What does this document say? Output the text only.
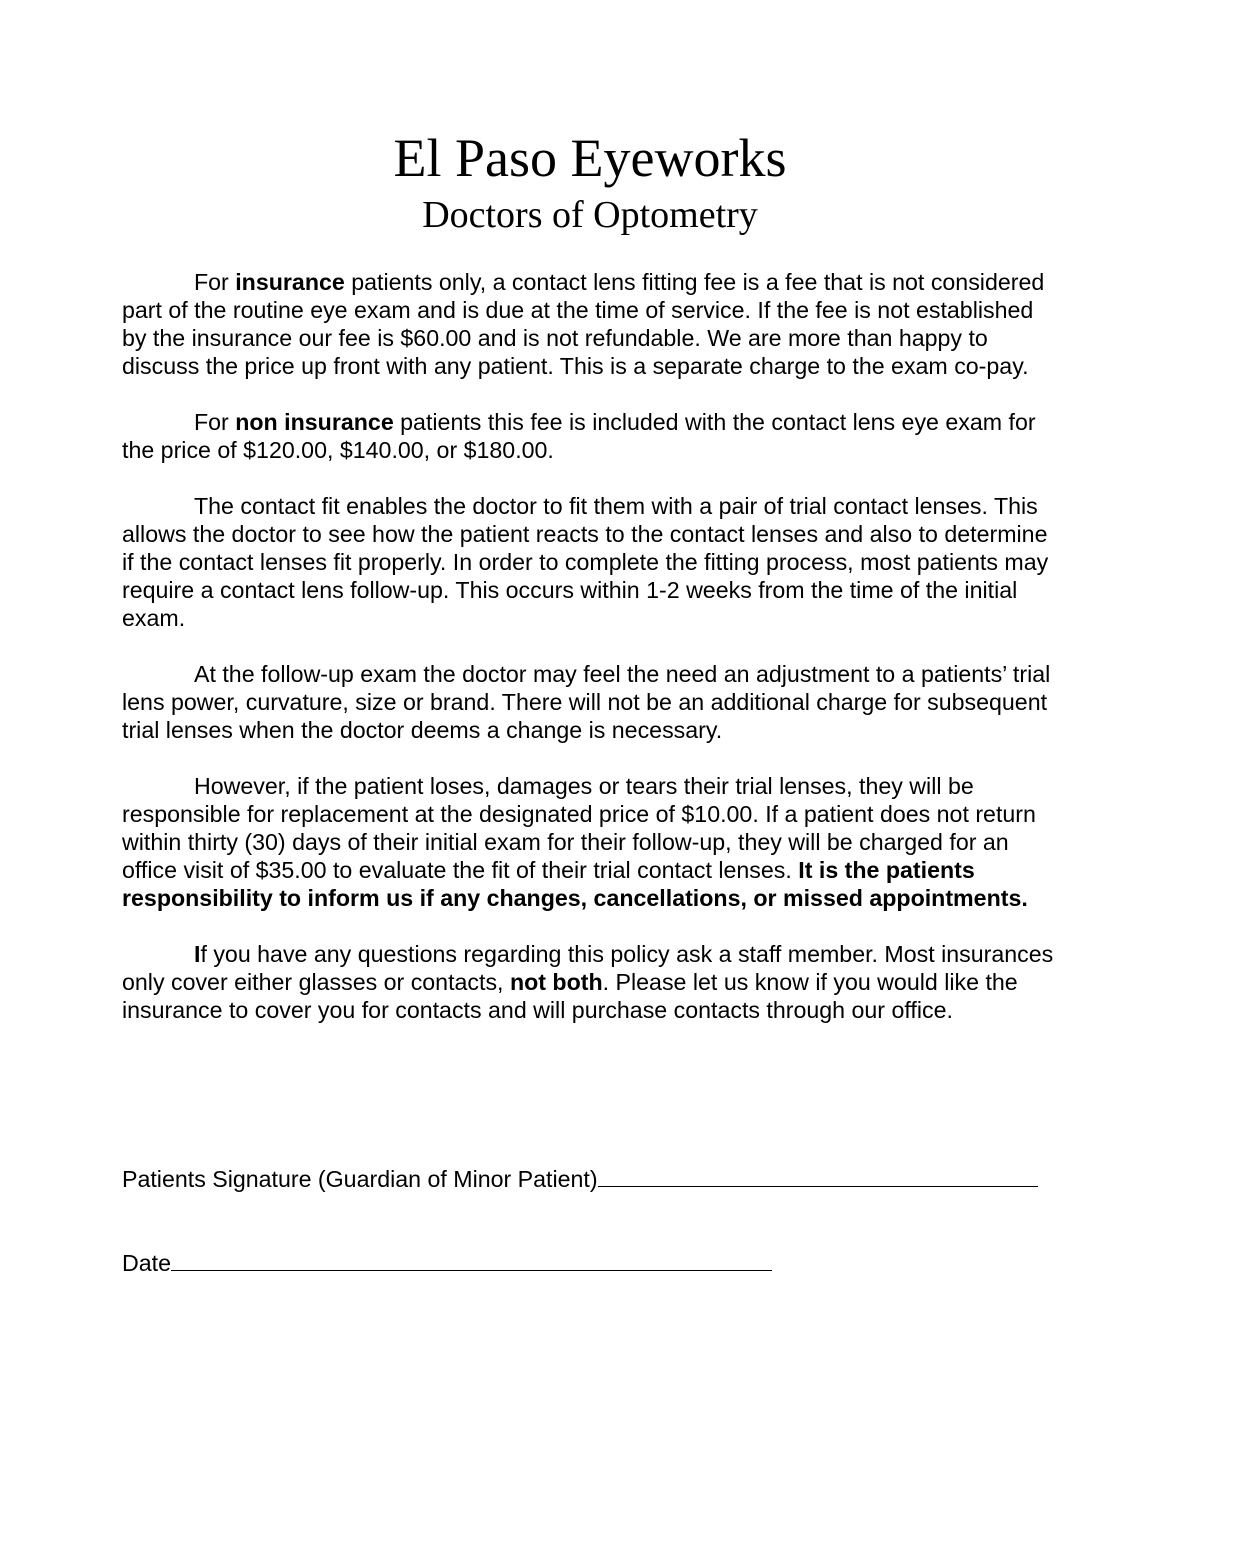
El Paso Eyeworks
Doctors of Optometry

For insurance patients only, a contact lens fitting fee is a fee that is not considered part of the routine eye exam and is due at the time of service. If the fee is not established by the insurance our fee is $60.00 and is not refundable. We are more than happy to discuss the price up front with any patient. This is a separate charge to the exam co-pay.

For non insurance patients this fee is included with the contact lens eye exam for the price of $120.00, $140.00, or $180.00.

The contact fit enables the doctor to fit them with a pair of trial contact lenses. This allows the doctor to see how the patient reacts to the contact lenses and also to determine if the contact lenses fit properly. In order to complete the fitting process, most patients may require a contact lens follow-up. This occurs within 1-2 weeks from the time of the initial exam.

At the follow-up exam the doctor may feel the need an adjustment to a patients’ trial lens power, curvature, size or brand. There will not be an additional charge for subsequent trial lenses when the doctor deems a change is necessary.

However, if the patient loses, damages or tears their trial lenses, they will be responsible for replacement at the designated price of $10.00. If a patient does not return within thirty (30) days of their initial exam for their follow-up, they will be charged for an office visit of $35.00 to evaluate the fit of their trial contact lenses. It is the patients responsibility to inform us if any changes, cancellations, or missed appointments.

If you have any questions regarding this policy ask a staff member. Most insurances only cover either glasses or contacts, not both. Please let us know if you would like the insurance to cover you for contacts and will purchase contacts through our office.

Patients Signature (Guardian of Minor Patient)
Date
